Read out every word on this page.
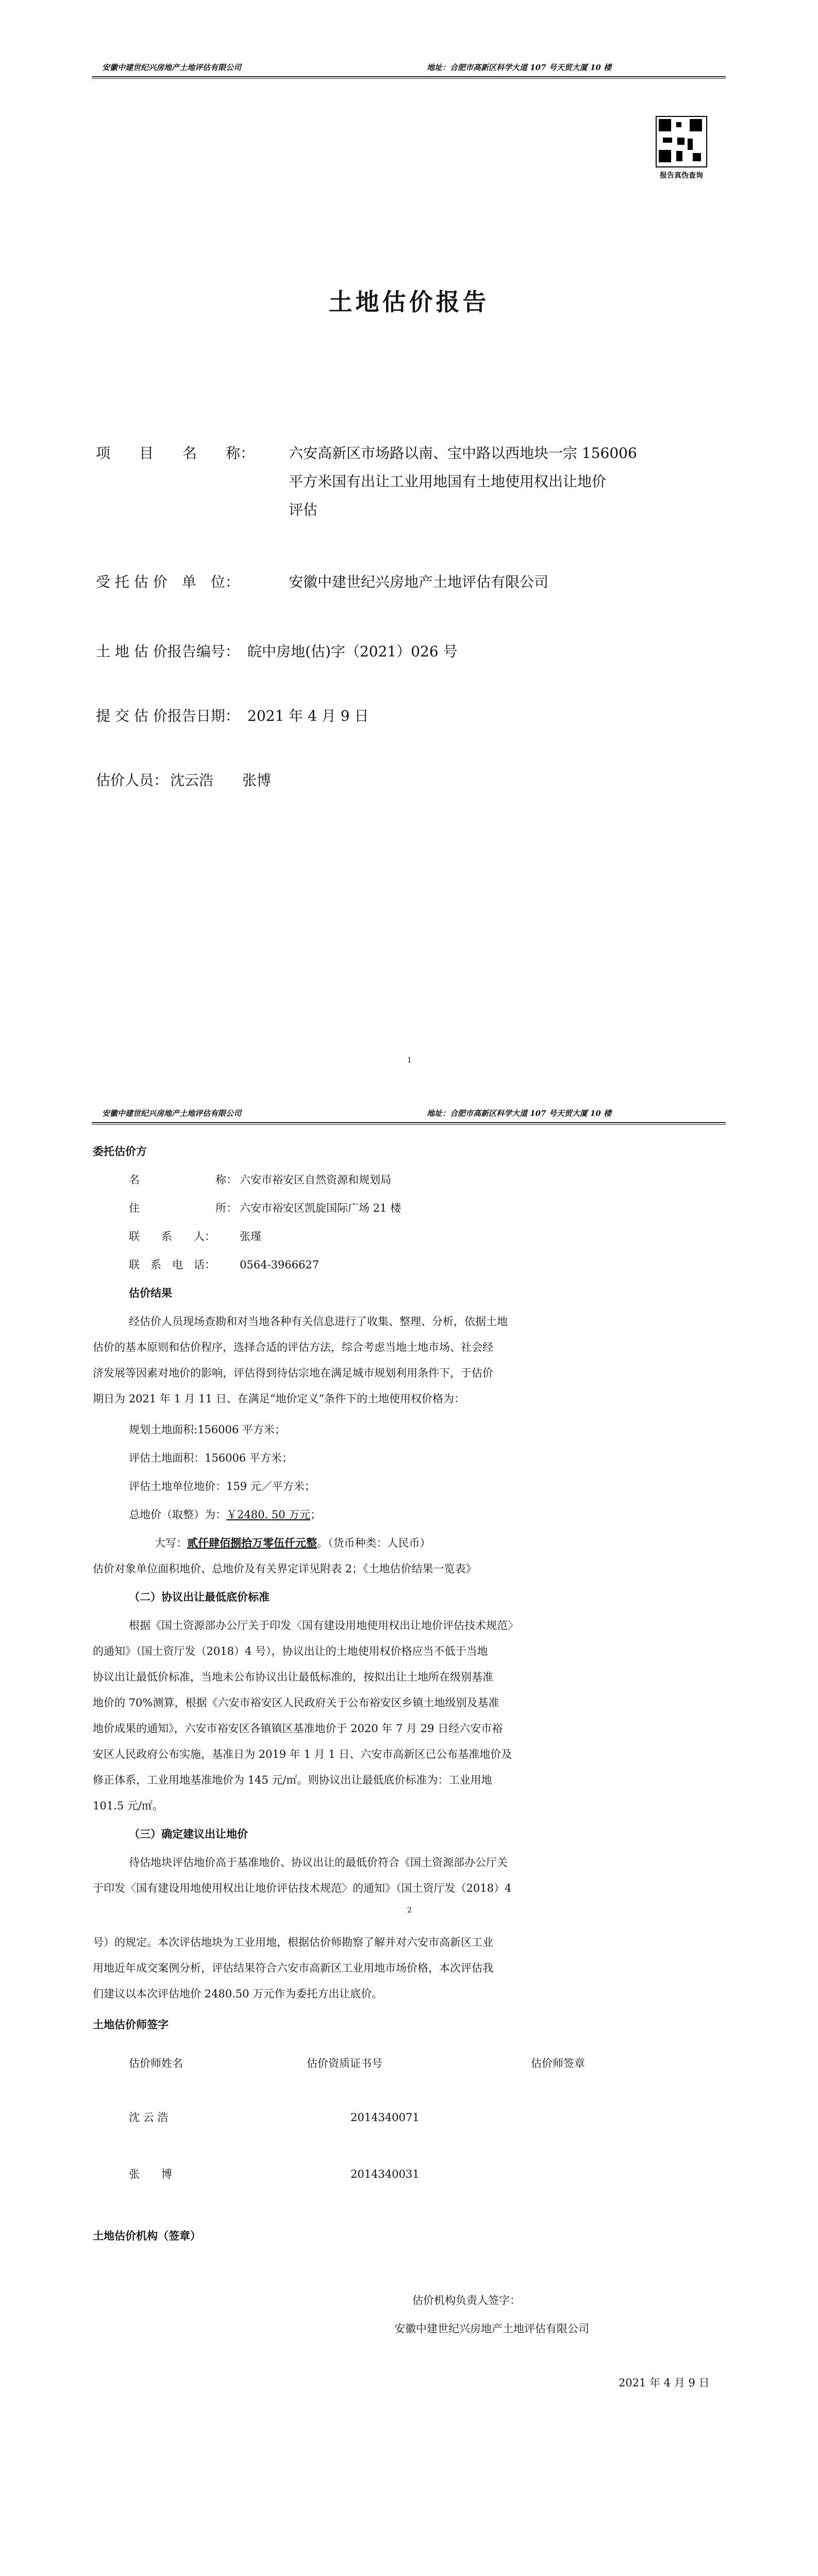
安徽中建世纪兴房地产土地评估有限公司	地址：合肥市高新区科学大道 107 号天贸大厦 10 楼
报告真伪查询
土地估价报告
项　　目　　名　　称： 六安高新区市场路以南、宝中路以西地块一宗 156006
平方米国有出让工业用地国有土地使用权出让地价
评估
受 托 估 价　单　位：	安徽中建世纪兴房地产土地评估有限公司
土 地 估 价报告编号： 皖中房地(估)字（2021）026 号
提 交 估 价报告日期： 2021 年 4 月 9 日
估价人员： 沈云浩　　张博
1
安徽中建世纪兴房地产土地评估有限公司	地址：合肥市高新区科学大道 107 号天贸大厦 10 楼
委托估价方
名　　　　　　　称： 六安市裕安区自然资源和规划局
住　　　　　　　所： 六安市裕安区凯旋国际广场 21 楼
联　　系　　人： 张瑾
联　系　电　话： 0564-3966627
估价结果
经估价人员现场查勘和对当地各种有关信息进行了收集、整理、分析，依据土地
估价的基本原则和估价程序，选择合适的评估方法，综合考虑当地土地市场、社会经
济发展等因素对地价的影响，评估得到待估宗地在满足城市规划利用条件下，于估价
期日为 2021 年 1 月 11 日、在满足“地价定义”条件下的土地使用权价格为：
规划土地面积:156006 平方米；
评估土地面积：156006 平方米；
评估土地单位地价：159 元／平方米；
总地价（取整）为：￥2480. 50 万元；
大写：贰仟肆佰捌拾万零伍仟元整。（货币种类：人民币）
估价对象单位面积地价、总地价及有关界定详见附表 2；《土地估价结果一览表》
（二）协议出让最低底价标准
根据《国土资源部办公厅关于印发〈国有建设用地使用权出让地价评估技术规范〉
的通知》（国土资厅发（2018）4 号），协议出让的土地使用权价格应当不低于当地
协议出让最低价标准，当地未公布协议出让最低标准的，按拟出让土地所在级别基准
地价的 70%测算，根据《六安市裕安区人民政府关于公布裕安区乡镇土地级别及基准
地价成果的通知》，六安市裕安区各镇镇区基准地价于 2020 年 7 月 29 日经六安市裕
安区人民政府公布实施，基准日为 2019 年 1 月 1 日、六安市高新区已公布基准地价及
修正体系，工业用地基准地价为 145 元/㎡。则协议出让最低底价标准为：工业用地
101.5 元/㎡。
（三）确定建议出让地价
待估地块评估地价高于基准地价、协议出让的最低价符合《国土资源部办公厅关
于印发〈国有建设用地使用权出让地价评估技术规范〉的通知》（国土资厅发（2018）4
2
号）的规定。本次评估地块为工业用地，根据估价师勘察了解并对六安市高新区工业
用地近年成交案例分析，评估结果符合六安市高新区工业用地市场价格，本次评估我
们建议以本次评估地价 2480.50 万元作为委托方出让底价。
土地估价师签字
估价师姓名	估价资质证书号	估价师签章
沈 云 浩	2014340071
张　　博	2014340031
土地估价机构（签章）
估价机构负责人签字：
安徽中建世纪兴房地产土地评估有限公司
2021 年 4 月 9 日
